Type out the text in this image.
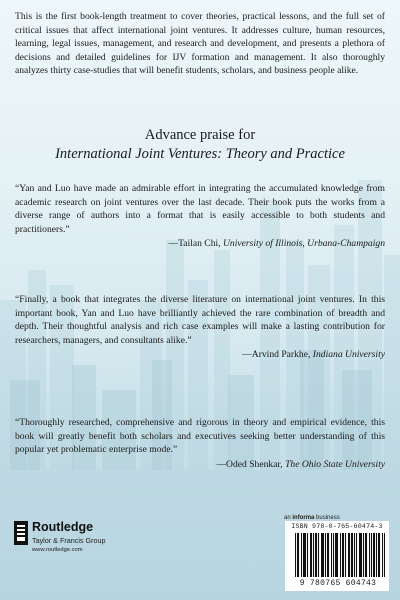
This is the first book-length treatment to cover theories, practical lessons, and the full set of critical issues that affect international joint ventures. It addresses culture, human resources, learning, legal issues, management, and research and development, and presents a plethora of decisions and detailed guidelines for IJV formation and management. It also thoroughly analyzes thirty case-studies that will benefit students, scholars, and business people alike.

Advance praise for
International Joint Ventures: Theory and Practice

“Yan and Luo have made an admirable effort in integrating the accumulated knowledge from academic research on joint ventures over the last decade. Their book puts the works from a diverse range of authors into a format that is easily accessible to both students and practitioners.”

—Tailan Chi, University of Illinois, Urbana-Champaign

“Finally, a book that integrates the diverse literature on international joint ventures. In this important book, Yan and Luo have brilliantly achieved the rare combination of breadth and depth. Their thoughtful analysis and rich case examples will make a lasting contribution for researchers, managers, and consultants alike.”

—Arvind Parkhe, Indiana University

“Thoroughly researched, comprehensive and rigorous in theory and empirical evidence, this book will greatly benefit both scholars and executives seeking better understanding of this popular yet problematic enterprise mode.”

—Oded Shenkar, The Ohio State University

Routledge
Taylor & Francis Group
www.routledge.com
an informa business
ISBN 978-0-765-60474-3
9 780765 604743
